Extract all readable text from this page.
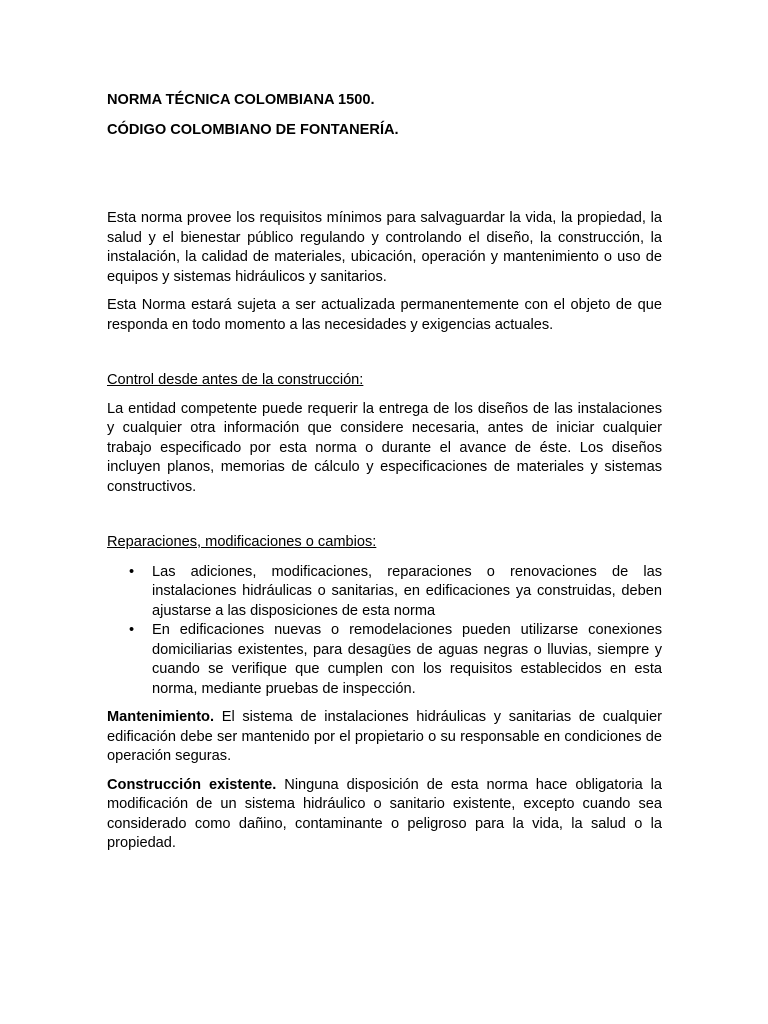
NORMA TÉCNICA COLOMBIANA 1500.

CÓDIGO COLOMBIANO DE FONTANERÍA.

Esta norma provee los requisitos mínimos para salvaguardar la vida, la propiedad, la salud y el bienestar público regulando y controlando el diseño, la construcción, la instalación, la calidad de materiales, ubicación, operación y mantenimiento o uso de equipos y sistemas hidráulicos y sanitarios.

Esta Norma estará sujeta a ser actualizada permanentemente con el objeto de que responda en todo momento a las necesidades y exigencias actuales.

Control desde antes de la construcción:

La entidad competente puede requerir la entrega de los diseños de las instalaciones y cualquier otra información que considere necesaria, antes de iniciar cualquier trabajo especificado por esta norma o durante el avance de éste. Los diseños incluyen planos, memorias de cálculo y especificaciones de materiales y sistemas constructivos.

Reparaciones, modificaciones o cambios:

• Las adiciones, modificaciones, reparaciones o renovaciones de las instalaciones hidráulicas o sanitarias, en edificaciones ya construidas, deben ajustarse a las disposiciones de esta norma
• En edificaciones nuevas o remodelaciones pueden utilizarse conexiones domiciliarias existentes, para desagües de aguas negras o lluvias, siempre y cuando se verifique que cumplen con los requisitos establecidos en esta norma, mediante pruebas de inspección.

Mantenimiento. El sistema de instalaciones hidráulicas y sanitarias de cualquier edificación debe ser mantenido por el propietario o su responsable en condiciones de operación seguras.

Construcción existente. Ninguna disposición de esta norma hace obligatoria la modificación de un sistema hidráulico o sanitario existente, excepto cuando sea considerado como dañino, contaminante o peligroso para la vida, la salud o la propiedad.
